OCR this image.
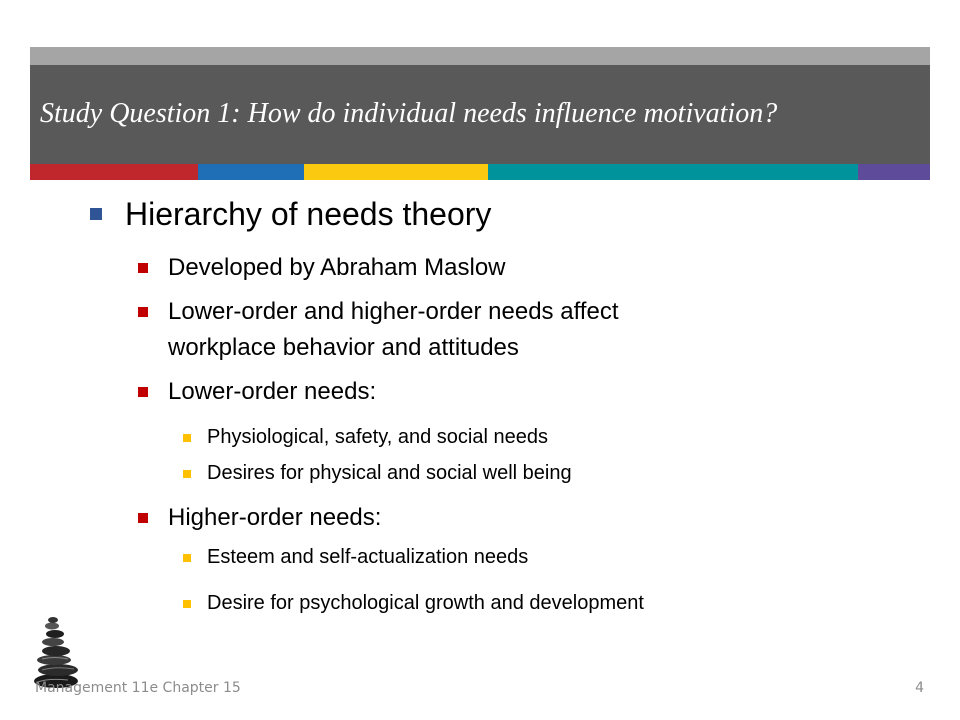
Study Question 1: How do individual needs influence motivation?
Hierarchy of needs theory
Developed by Abraham Maslow
Lower-order and higher-order needs affect
workplace behavior and attitudes
Lower-order needs:
Physiological, safety, and social needs
Desires for physical and social well being
Higher-order needs:
Esteem and self-actualization needs
Desire for psychological growth and development
Management 11e Chapter 15	4
